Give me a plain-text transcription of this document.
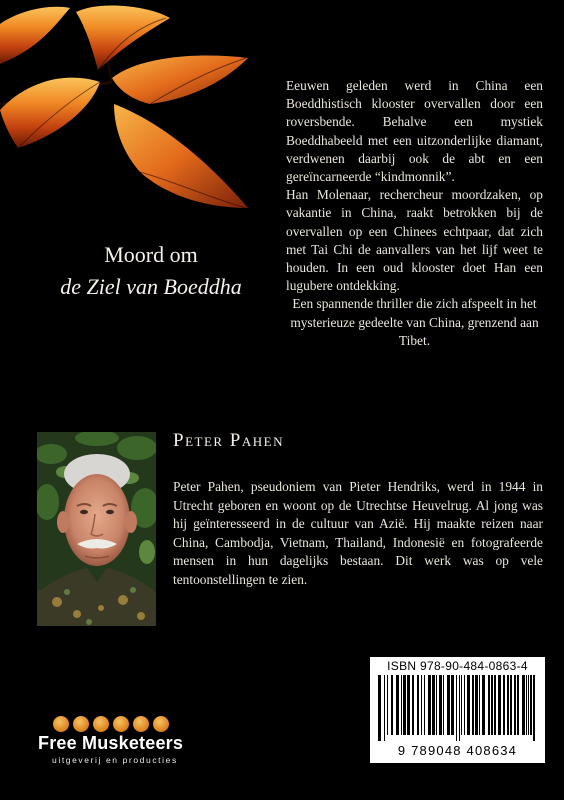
Moord om
de Ziel van Boeddha

Eeuwen geleden werd in China een Boeddhistisch klooster overvallen door een roversbende. Behalve een mystiek Boeddhabeeld met een uitzonderlijke diamant, verdwenen daarbij ook de abt en een gereïncarneerde “kindmonnik”.

Han Molenaar, rechercheur moordzaken, op vakantie in China, raakt betrokken bij de overvallen op een Chinees echtpaar, dat zich met Tai Chi de aanvallers van het lijf weet te houden. In een oud klooster doet Han een lugubere ontdekking.

Een spannende thriller die zich afspeelt in het mysterieuze gedeelte van China, grenzend aan Tibet.

Peter Pahen

Peter Pahen, pseudoniem van Pieter Hendriks, werd in 1944 in Utrecht geboren en woont op de Utrechtse Heuvelrug. Al jong was hij geïnteresseerd in de cultuur van Azië. Hij maakte reizen naar China, Cambodja, Vietnam, Thailand, Indonesië en fotografeerde mensen in hun dagelijks bestaan. Dit werk was op vele tentoonstellingen te zien.

ISBN 978-90-484-0863-4
9 789048 408634
Free Musketeers
uitgeverij en producties
